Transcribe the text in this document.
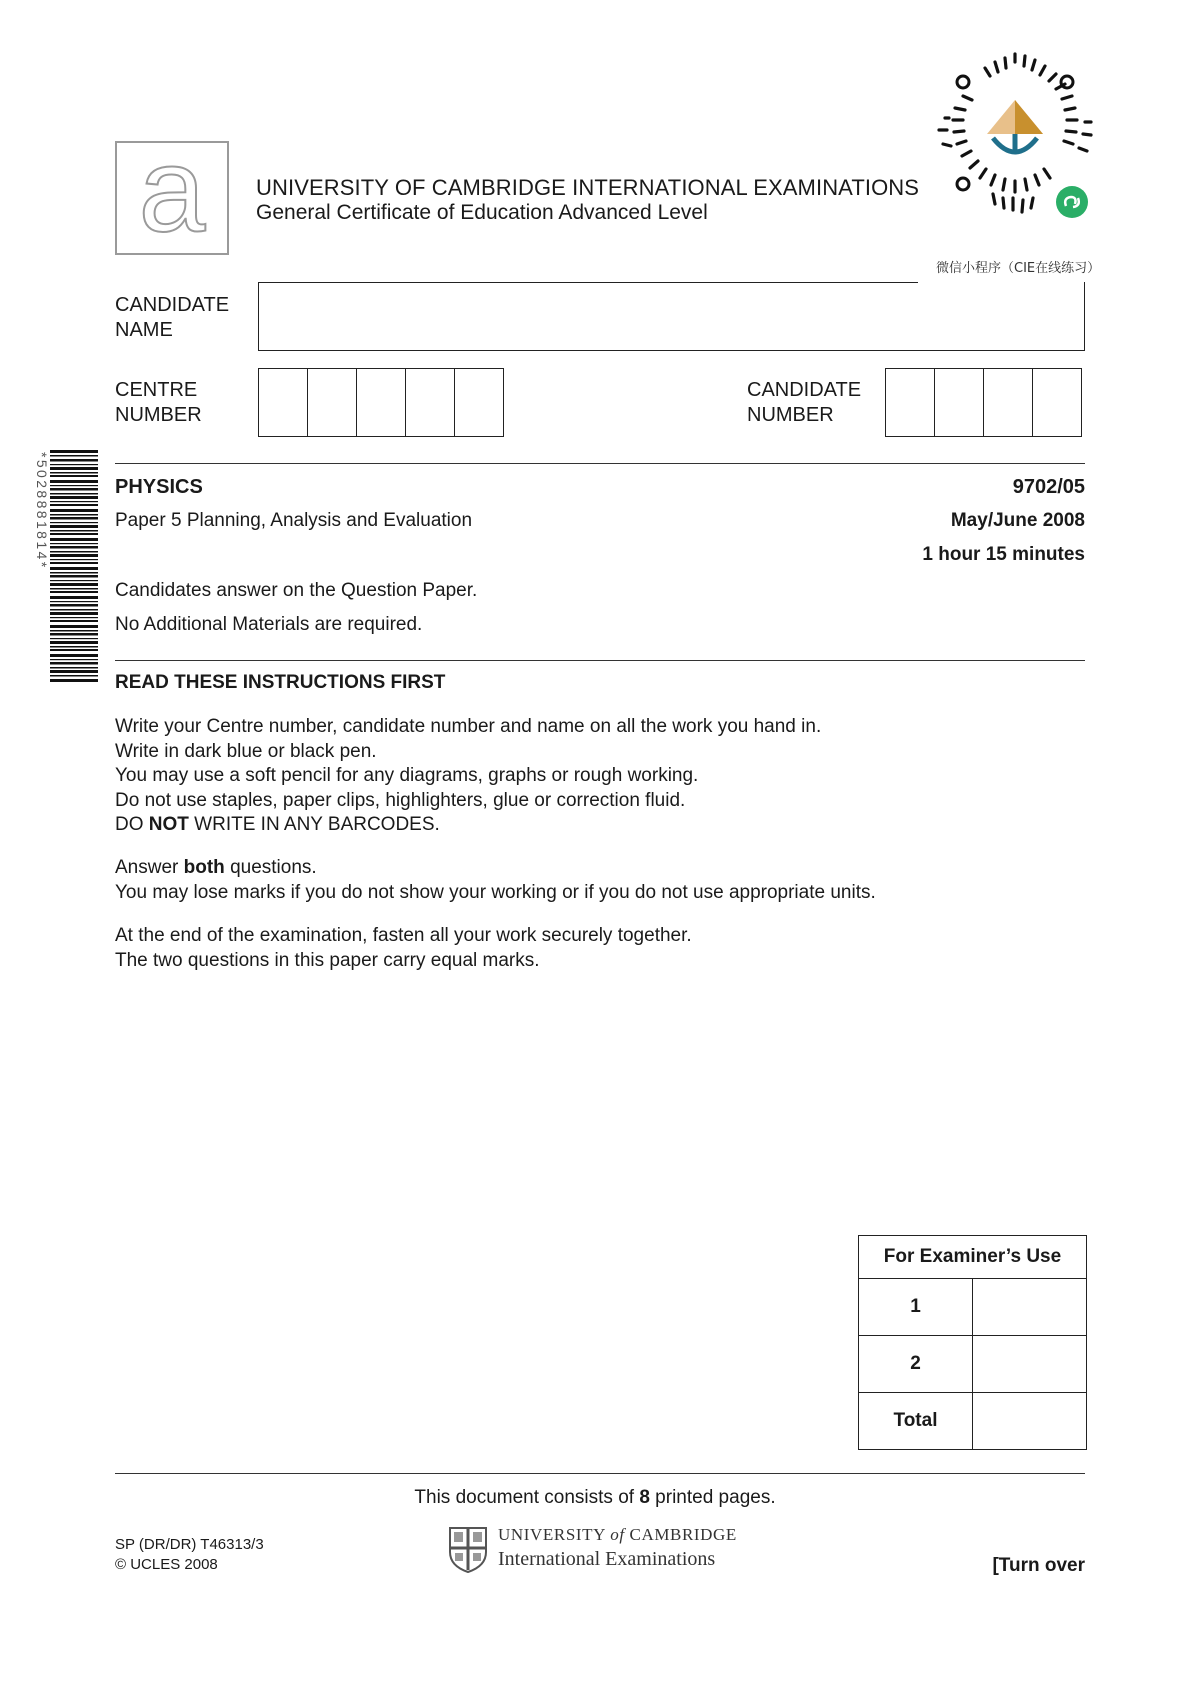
a UNIVERSITY OF CAMBRIDGE INTERNATIONAL EXAMINATIONS
General Certificate of Education Advanced Level
微信小程序（CIE在线练习）
CANDIDATE
NAME
CENTRE
NUMBER
CANDIDATE
NUMBER
*5028881814*	PHYSICS
Paper 5 Planning, Analysis and Evaluation
9702/05
May/June 2008
1 hour 15 minutes
Candidates answer on the Question Paper.
No Additional Materials are required.
READ THESE INSTRUCTIONS FIRST
Write your Centre number, candidate number and name on all the work you hand in.
Write in dark blue or black pen.
You may use a soft pencil for any diagrams, graphs or rough working.
Do not use staples, paper clips, highlighters, glue or correction fluid.
DO NOT WRITE IN ANY BARCODES.
Answer both questions.
You may lose marks if you do not show your working or if you do not use appropriate units.
At the end of the examination, fasten all your work securely together.
The two questions in this paper carry equal marks.
For Examiner’s Use	
1	
2	
Total	
This document consists of 8 printed pages.
SP (DR/DR) T46313/3
© UCLES 2008
UNIVERSITY of CAMBRIDGE
International Examinations	[Turn over
